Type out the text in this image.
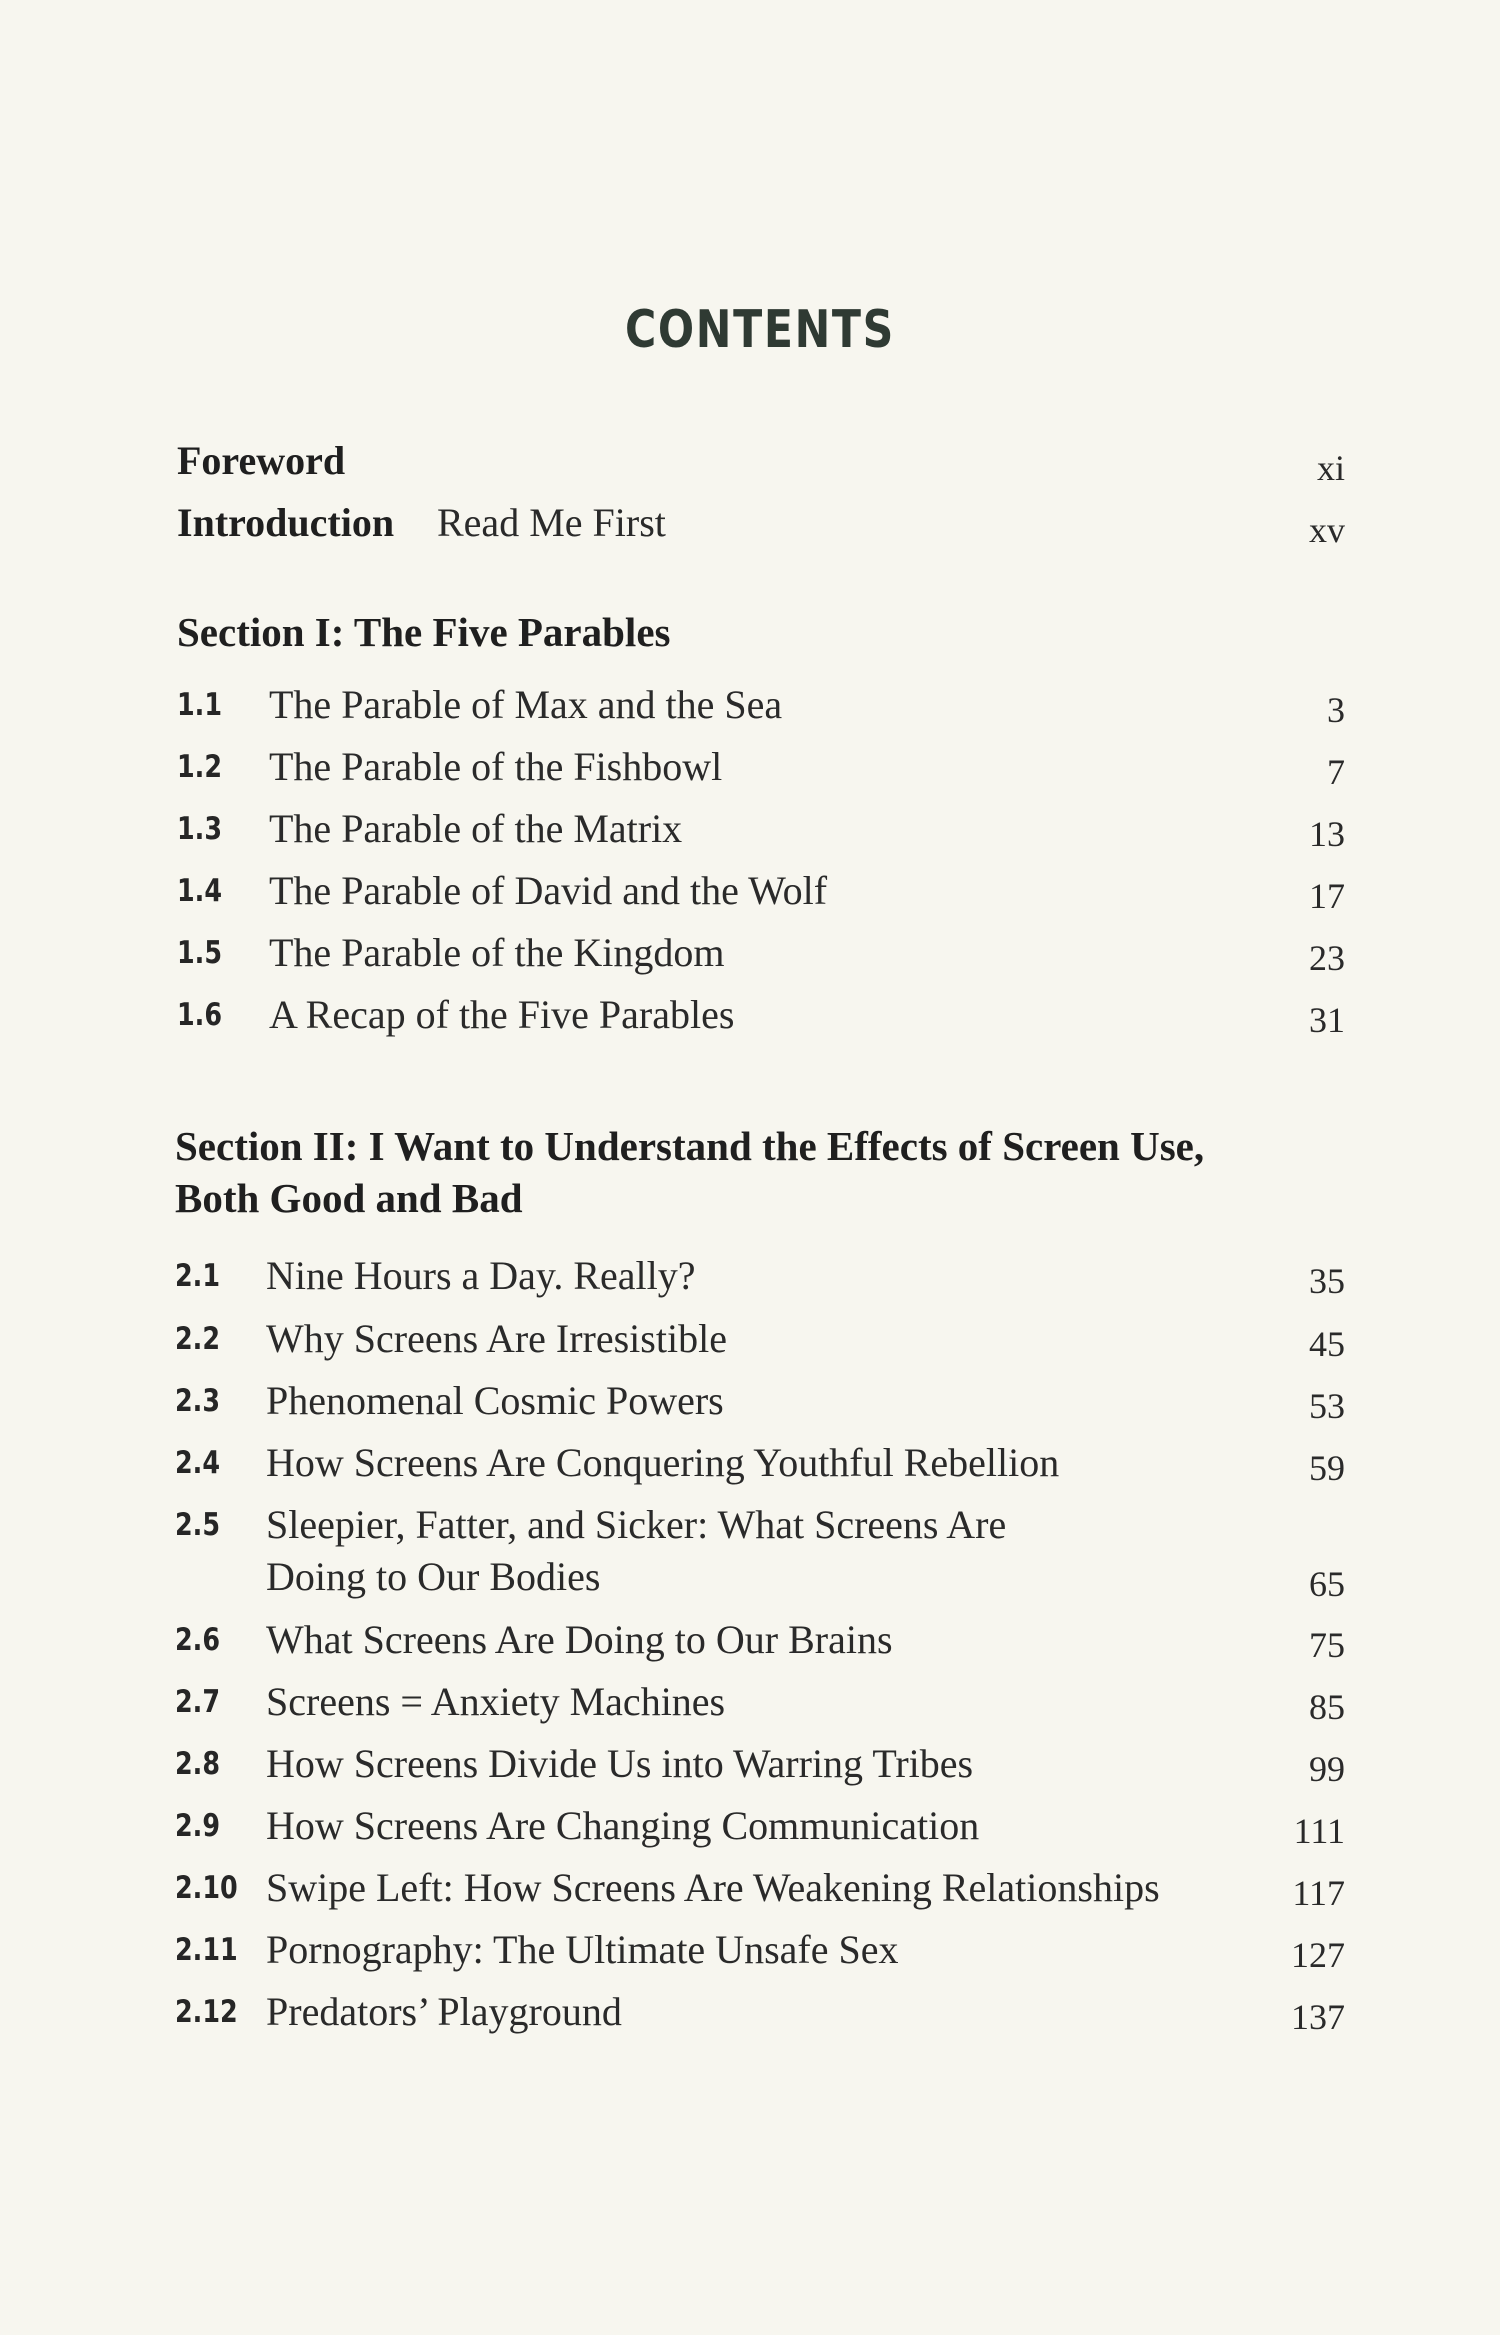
CONTENTS
Foreword	xi
Introduction Read Me First	xv
Section I: The Five Parables
1.1 The Parable of Max and the Sea	3
1.2 The Parable of the Fishbowl	7
1.3 The Parable of the Matrix	13
1.4 The Parable of David and the Wolf	17
1.5 The Parable of the Kingdom	23
1.6 A Recap of the Five Parables	31
Section II: I Want to Understand the Effects of Screen Use,
Both Good and Bad
2.1 Nine Hours a Day. Really?	35
2.2 Why Screens Are Irresistible	45
2.3 Phenomenal Cosmic Powers	53
2.4 How Screens Are Conquering Youthful Rebellion	59
2.5 Sleepier, Fatter, and Sicker: What Screens Are
Doing to Our Bodies	65
2.6 What Screens Are Doing to Our Brains	75
2.7 Screens = Anxiety Machines	85
2.8 How Screens Divide Us into Warring Tribes	99
2.9 How Screens Are Changing Communication	111
2.10 Swipe Left: How Screens Are Weakening Relationships	117
2.11 Pornography: The Ultimate Unsafe Sex	127
2.12 Predators’ Playground	137
